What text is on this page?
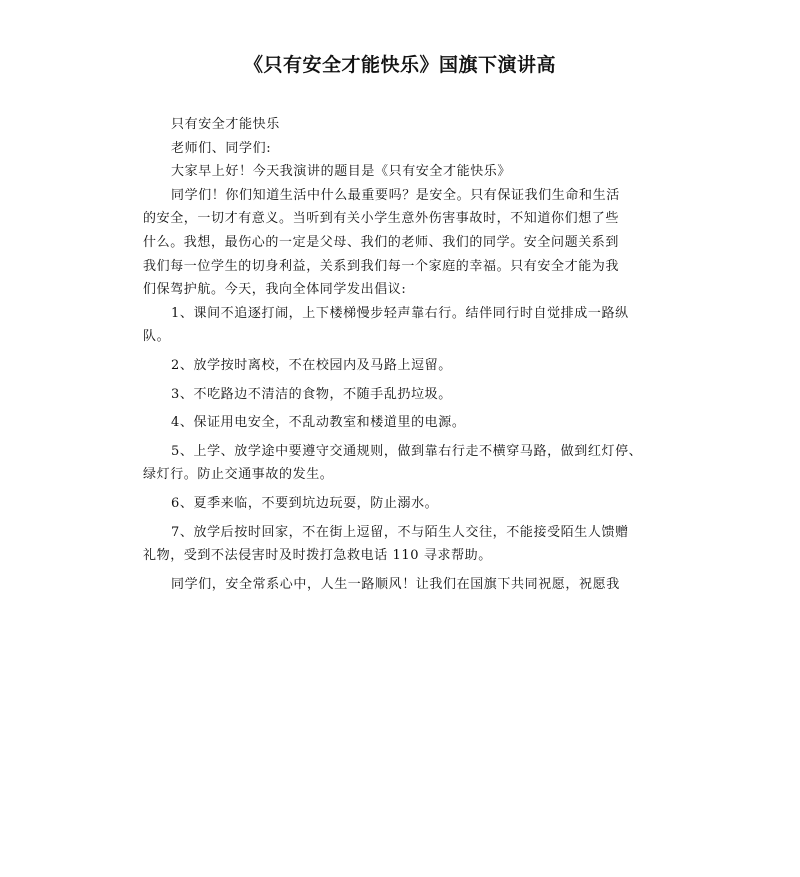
《只有安全才能快乐》国旗下演讲高
只有安全才能快乐
老师们、同学们:
大家早上好！今天我演讲的题目是《只有安全才能快乐》
同学们！你们知道生活中什么最重要吗？是安全。只有保证我们生命和生活
的安全，一切才有意义。当听到有关小学生意外伤害事故时，不知道你们想了些
什么。我想，最伤心的一定是父母、我们的老师、我们的同学。安全问题关系到
我们每一位学生的切身利益，关系到我们每一个家庭的幸福。只有安全才能为我
们保驾护航。今天，我向全体同学发出倡议:
1、课间不追逐打闹，上下楼梯慢步轻声靠右行。结伴同行时自觉排成一路纵
队。
2、放学按时离校，不在校园内及马路上逗留。
3、不吃路边不清洁的食物，不随手乱扔垃圾。
4、保证用电安全，不乱动教室和楼道里的电源。
5、上学、放学途中要遵守交通规则，做到靠右行走不横穿马路，做到红灯停、
绿灯行。防止交通事故的发生。
6、夏季来临，不要到坑边玩耍，防止溺水。
7、放学后按时回家，不在街上逗留，不与陌生人交往，不能接受陌生人馈赠
礼物，受到不法侵害时及时拨打急救电话 110 寻求帮助。
同学们，安全常系心中，人生一路顺风！让我们在国旗下共同祝愿，祝愿我
